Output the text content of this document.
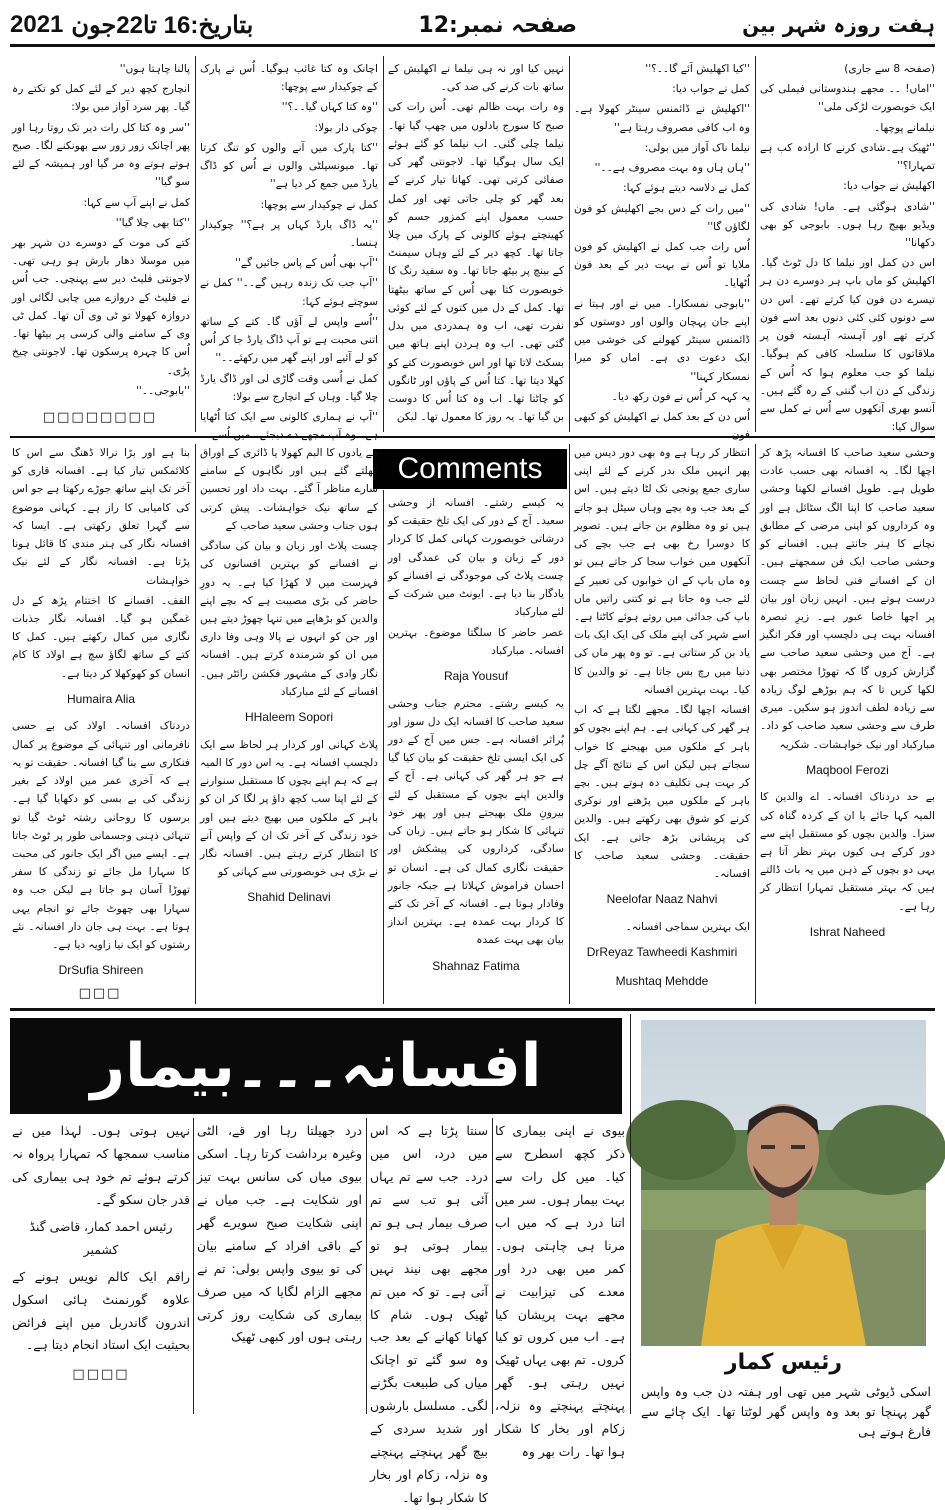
بتاریخ:16 تا22جون
2021	صفحہ نمبر:12	ہفت روزہ شہر بین

(صفحہ 8 سے جاری)

''اماں! ۔۔ مجھے ہندوستانی فیملی کی ایک خوبصورت لڑکی ملی''

نیلمانے پوچھا۔

''ٹھیک ہے۔شادی کرنے کا ارادہ کب ہے تمہارا؟''

اکھلیش نے جواب دیا:

''شادی ہوگئی ہے۔ ماں! شادی کی ویڈیو بھیج رہا ہوں۔ بابوجی کو بھی دکھانا''

اس دن کمل اور نیلما کا دل ٹوٹ گیا۔ اکھلیش کو ماں باپ ہر دوسرے دن ہر تیسرے دن فون کیا کرتے تھے۔ اس دن سے دونوں کئی کئی دنوں بعد اسے فون کرتے تھے اور آہستہ آہستہ فون پر ملاقاتوں کا سلسلہ کافی کم ہوگیا۔ نیلما کو جب معلوم ہوا کہ اُس کے زندگی کے دن اب گنتی کے رہ گئے ہیں۔ آنسو بھری آنکھوں سے اُس نے کمل سے سوال کیا:

''کیا اکھلیش آئے گا۔۔؟''

کمل نے جواب دیا:

''اکھلیش نے ڈائمنس سینٹر کھولا ہے۔ وہ اب کافی مصروف رہتا ہے''

نیلما ناک آواز میں بولی:

''ہاں ہاں وہ بہت مصروف ہے۔۔''

کمل نے دلاسہ دیتے ہوئے کہا:

''میں رات کے دس بجے اکھلیش کو فون لگاؤں گا''

اُس رات جب کمل نے اکھلیش کو فون ملایا تو اُس نے بہت دیر کے بعد فون اُٹھایا۔

''بابوجی نمسکارا۔ میں نے اور ہیتا نے اپنے جان پہچان والوں اور دوستوں کو ڈائمنس سینٹر کھولنے کی خوشی میں ایک دعوت دی ہے۔ اماں کو میرا نمسکار کہنا''

یہ کہہ کر اُس نے فون رکھ دیا۔

اُس دن کے بعد کمل نے اکھلیش کو کبھی

نہیں کیا اور نہ ہی نیلما نے اکھلیش کے ساتھ بات کرنے کی ضد کی۔

وہ رات بہت ظالم تھی۔ اُس رات کی صبح کا سورج بادلوں میں چھپ گیا تھا۔ نیلما چلی گئی۔ اب نیلما کو گئے ہوئے ایک سال ہوگیا تھا۔ لاجونتی گھر کی صفائی کرتی تھی۔ کھانا تیار کرنے کے بعد گھر کو چلی جاتی تھی اور کمل حسب معمول اپنے کمزور جسم کو کھینچتے ہوئے کالونی کے پارک میں چلا جاتا تھا۔ کچھ دیر کے لئے وہاں سیمنٹ کے بینچ پر بیٹھ جاتا تھا۔ وہ سفید رنگ کا خوبصورت کتا بھی اُس کے ساتھ بیٹھتا تھا۔ کمل کے دل میں کتوں کے لئے کوئی نفرت تھی، اب وہ ہمدردی میں بدل گئی تھی۔ اب وہ ہردن اپنے ہاتھ میں بسکٹ لاتا تھا اور اس خوبصورت کتے کو کھلا دیتا تھا۔ کتا اُس کے پاؤں اور ٹانگوں کو چاٹتا تھا۔ اب وہ کتا اُس کا دوست بن گیا تھا۔ یہ روز کا معمول تھا۔ لیکن

اچانک وہ کتا غائب ہوگیا۔ اُس نے پارک کے چوکیدار سے پوچھا:

''وہ کتا کہاں گیا۔۔؟''

چوکی دار بولا:

''کتا پارک میں آنے والوں کو تنگ کرتا تھا۔ میونسپلٹی والوں نے اُس کو ڈاگ یارڈ میں جمع کر دیا ہے''

کمل نے چوکیدار سے پوچھا:

''یہ ڈاگ یارڈ کہاں پر ہے؟'' چوکیدار ہنسا۔

''آپ بھی اُس کے پاس جائیں گے''

''آپ جب تک زندہ رہیں گے۔۔'' کمل نے سوچتے ہوئے کہا:

''اُسے واپس لے آؤں گا۔ کتے کے ساتھ اتنی محبت ہے تو آپ ڈاگ یارڈ جا کر اُس کو لے آئیے اور اپنے گھر میں رکھئے۔۔''

کمل نے اُسی وقت گاڑی لی اور ڈاگ یارڈ چلا گیا۔ وہاں کے انچارج سے بولا:

''آپ نے ہماری کالونی سے ایک کتا اُٹھایا

پالنا چاہتا ہوں''

انچارج کچھ دیر کے لئے کمل کو تکتے رہ گیا۔ پھر سرد آواز میں بولا:

''سر وہ کتا کل رات دیر تک روتا رہا اور پھر اچانک زور زور سے بھونکنے لگا۔ صبح ہوتے ہوتے وہ مر گیا اور ہمیشہ کے لئے سو گیا''

کمل نے اپنے آپ سے کہا:

''کتا بھی چلا گیا''

کتے کی موت کے دوسرے دن شہر بھر میں موسلا دھار بارش ہو رہی تھی۔ لاجونتی فلیٹ دیر سے پہنچی۔ جب اُس نے فلیٹ کے دروازے میں چابی لگائی اور دروازہ کھولا تو ٹی وی آن تھا۔ کمل ٹی وی کے سامنے والی کرسی پر بیٹھا تھا۔ اُس کا چہرہ پرسکون تھا۔ لاجونتی چیخ پڑی۔

''بابوجی۔۔''

□□□□□□□□
Comments	وحشی سعید صاحب کا افسانہ پڑھ کر اچھا لگا۔ یہ افسانہ بھی حسب عادت طویل ہے۔ طویل افسانے لکھنا وحشی سعید صاحب کا اپنا الگ سٹائل ہے اور وہ کرداروں کو اپنی مرضی کے مطابق نچانے کا ہنر جانتے ہیں۔ افسانے کو وحشی صاحب ایک فن سمجھتے ہیں۔ ان کے افسانے فنی لحاظ سے چست درست ہوتے ہیں۔ انہیں زبان اور بیان پر اچھا خاصا عبور ہے۔ زیرِ تبصرہ افسانہ بہت ہی دلچسپ اور فکر انگیز ہے۔ آج میں وحشی سعید صاحب سے گزارش کروں گا کہ تھوڑا مختصر بھی لکھا کریں تا کہ ہم بوڑھے لوگ زیادہ سے زیادہ لطف اندوز ہو سکیں۔ میری طرف سے وحشی سعید صاحب کو داد۔ مبارکباد اور نیک خواہشات۔ شکریہ

Maqbool Ferozi

بے حد دردناک افسانہ۔ اے والدین کا المیہ کہا جائے یا ان کے کردہ گناہ کی سزا۔ والدین بچوں کو مستقبل اپنے سے دور کرکے ہی کیوں بہتر نظر آتا ہے یہی دو بچوں کے ذہن میں یہ بات ڈالتے ہیں کہ بہتر مستقبل تمہارا انتظار کر رہا ہے۔

Ishrat Naheed

انتظار کر رہا ہے وہ بھی دور دیس میں پھر انہیں ملک بدر کرنے کے لئے اپنی ساری جمع پونجی تک لٹا دیتے ہیں۔ اس کے بعد جب وہ بچے وہاں سیٹل ہو جاتے ہیں تو وہ مظلوم بن جاتے ہیں۔ تصویر کا دوسرا رخ بھی ہے جب بچے کی آنکھوں میں خواب سجا کر جاتے ہیں تو وہ ماں باپ کے ان خوابوں کی تعبیر کے لئے جب وہ جاتا ہے تو کتنی راتیں ماں باپ کی جدائی میں روتے ہوئے کاٹتا ہے۔ اسے شہر کی اپنے ملک کی ایک ایک بات یاد بن کر ستاتی ہے۔ تو وہ پھر ماں کی دنیا میں رچ بس جاتا ہے۔ تو والدین کا کیا۔ بہت بہترین افسانہ

افسانہ اچھا لگا۔ مجھے لگتا ہے کہ اب ہر گھر کی کہانی ہے۔ ہم اپنے بچوں کو باہر کے ملکوں میں بھیجنے کا خواب سجاتے ہیں لیکن اس کے نتائج آگے چل کر بہت ہی تکلیف دہ ہوتے ہیں۔ بچے باہر کے ملکوں میں پڑھنے اور نوکری کرنے کو شوق بھی رکھتے ہیں۔ والدین کی پریشانی بڑھ جاتی ہے۔ ایک حقیقت۔ وحشی سعید صاحب کا افسانہ۔

Neelofar Naaz Nahvi

ایک بہترین سماجی افسانہ۔

DrReyaz Tawheedi Kashmiri
Mushtaq Mehdde

یہ کیسے رشتے۔ افسانہ از وحشی سعید۔ آج کے دور کی ایک تلخ حقیقت کو درشاتی خوبصورت کہانی کمل کا کردار دور کے زبان و بیان کی عمدگی اور چست پلاٹ کی موجودگی نے افسانے کو یادگار بنا دیا ہے۔ ایونٹ میں شرکت کے لئے مبارکباد

عصر حاضر کا سلگتا موضوع۔ بہترین افسانہ۔ مبارکباد

Raja Yousuf

یہ کیسے رشتے۔ محترم جناب وحشی سعید صاحب کا افسانہ ایک دل سوز اور پُراثر افسانہ ہے۔ جس میں آج کے دور کی ایک ایسی تلخ حقیقت کو بیان کیا گیا ہے جو ہر گھر کی کہانی ہے۔ آج کے والدین اپنے بچوں کے مستقبل کے لئے بیرونِ ملک بھیجتے ہیں اور پھر خود تنہائی کا شکار ہو جاتے ہیں۔ زبان کی سادگی، کرداروں کی پیشکش اور حقیقت نگاری کمال کی ہے۔ انسان تو احسان فراموش کہلاتا ہے جبکہ جانور وفادار ہوتا ہے۔ افسانہ کے آخر تک کتے کا کردار بہت عمدہ ہے۔ بہترین انداز بیان بھی بہت عمدہ

Shahnaz Fatima

ہے یادوں کا البم کھولا یا ڈائری کے اوراق کھلتے گئے ہیں اور نگاہوں کے سامنے سارے مناظر آ گئے۔ بہت داد اور تحسین کے ساتھ نیک خواہشات۔ پیش کرتی ہوں جناب وحشی سعید صاحب کے

چست پلاٹ اور زبان و بیان کی سادگی نے افسانے کو بہترین افسانوں کی فہرست میں لا کھڑا کیا ہے۔ یہ دورِ حاضر کی بڑی مصیبت ہے کہ بچے اپنے والدین کو بڑھاپے میں تنہا چھوڑ دیتے ہیں اور جن کو انہوں نے پالا وہی وفا داری میں ان کو شرمندہ کرتے ہیں۔ افسانہ نگار وادی کے مشہور فکشن رائٹر ہیں۔ افسانے کے لئے مبارکباد

HHaleem Sopori

پلاٹ کہانی اور کردار ہر لحاظ سے ایک دلچسپ افسانہ ہے۔ یہ اس دور کا المیہ ہے کہ ہم اپنے بچوں کا مستقبل سنوارنے کے لئے اپنا سب کچھ داؤ پر لگا کر ان کو باہر کے ملکوں میں بھیج دیتے ہیں اور خود زندگی کے آخر تک ان کے واپس آنے کا انتظار کرتے رہتے ہیں۔ افسانہ نگار نے بڑی ہی خوبصورتی سے کہانی کو

Shahid Delinavi

بنا ہے اور بڑا نرالا ڈھنگ سے اس کا کلائمکس تیار کیا ہے۔ افسانہ قاری کو آخر تک اپنے ساتھ جوڑے رکھتا ہے جو اس کی کامیابی کا راز ہے۔ کہانی موضوع سے گہرا تعلق رکھتی ہے۔ ایسا کہ افسانہ نگار کی ہنر مندی کا قائل ہونا پڑتا ہے۔ افسانہ نگار کے لئے نیک خواہشات

الفف۔ افسانے کا اختتام پڑھ کے دل غمگین ہو گیا۔ افسانہ نگار جذبات نگاری میں کمال رکھتے ہیں۔ کمل کا کتے کے ساتھ لگاؤ سچ ہے اولاد کا کام انسان کو کھوکھلا کر دیتا ہے۔

Humaira Alia

دردناک افسانہ۔ اولاد کی بے حسی نافرمانی اور تنہائی کے موضوع پر کمال فنکاری سے بنا گیا افسانہ۔ حقیقت تو یہ ہے کہ آخری عمر میں اولاد کے بغیر زندگی کی بے بسی کو دکھایا گیا ہے۔ برسوں کا روحانی رشتہ ٹوٹ گیا تو تنہائی ذہنی وجسمانی طور پر ٹوٹ جاتا ہے۔ ایسے میں اگر ایک جانور کی محبت کا سہارا مل جائے تو زندگی کا سفر تھوڑا آسان ہو جاتا ہے لیکن جب وہ سہارا بھی چھوٹ جائے تو انجام یہی ہوتا ہے۔ بہت ہی جان دار افسانہ۔ نئے رشتوں کو ایک نیا زاویہ دیا ہے۔

DrSufia Shireen
□□□
افسانہ۔۔۔بیمار
رئیس کمار

بیوی نے اپنی بیماری کا ذکر کچھ اسطرح سے کیا۔ میں کل رات سے بہت بیمار ہوں۔ سر میں اتنا درد ہے کہ میں اب مرنا ہی چاہتی ہوں۔ کمر میں بھی درد اور معدے کی تیزابیت نے مجھے بہت پریشان کیا ہے۔ اب میں کروں تو کیا کروں۔ تم بھی یہاں ٹھیک نہیں رہتی ہو۔ گھر پہنچتے پہنچتے وہ نزلہ، زکام اور بخار کا شکار ہوا تھا۔ رات بھر وہ

سنتا پڑتا ہے کہ اس میں درد، اس میں درد۔ جب سے تم یہاں آئی ہو تب سے تم صرف بیمار ہی ہو تم بیمار ہوتی ہو تو مجھے بھی نیند نہیں آتی ہے۔ تو کہ میں تم ٹھیک ہوں۔ شام کا کھانا کھانے کے بعد جب وہ سو گئے تو اچانک میاں کی طبیعت بگڑنے لگی۔ مسلسل بارشوں اور شدید سردی کے بیچ گھر پہنچتے پہنچتے وہ نزلہ، زکام اور بخار کا شکار ہوا تھا۔

درد جھیلتا رہا اور قے، الٹی وغیرہ برداشت کرتا رہا۔ اسکی بیوی میاں کی سانس بہت تیز اور شکایت ہے۔ جب میاں نے اپنی شکایت صبح سویرے گھر کے باقی افراد کے سامنے بیان کی تو بیوی واپس بولی: تم نے مجھے الزام لگایا کہ میں صرف بیماری کی شکایت روز کرتی رہتی ہوں اور کبھی ٹھیک

نہیں ہوتی ہوں۔ لہذا میں نے مناسب سمجھا کہ تمہارا پرواہ نہ کرتے ہوئے تم خود ہی بیماری کی قدر جان سکو گے۔

رئیس احمد کمار، قاضی گنڈ کشمیر

راقم ایک کالم نویس ہونے کے علاوہ گورنمنٹ ہائی اسکول اندرون گاندربل میں اپنے فرائض بحیثیت ایک استاد انجام دیتا ہے۔

□□□□

اسکی ڈیوٹی شہر میں تھی اور ہفتہ دن جب وہ واپس گھر پہنچا تو بعد وہ واپس گھر لوٹتا تھا۔ ایک چائے سے فارغ ہوتے ہی
